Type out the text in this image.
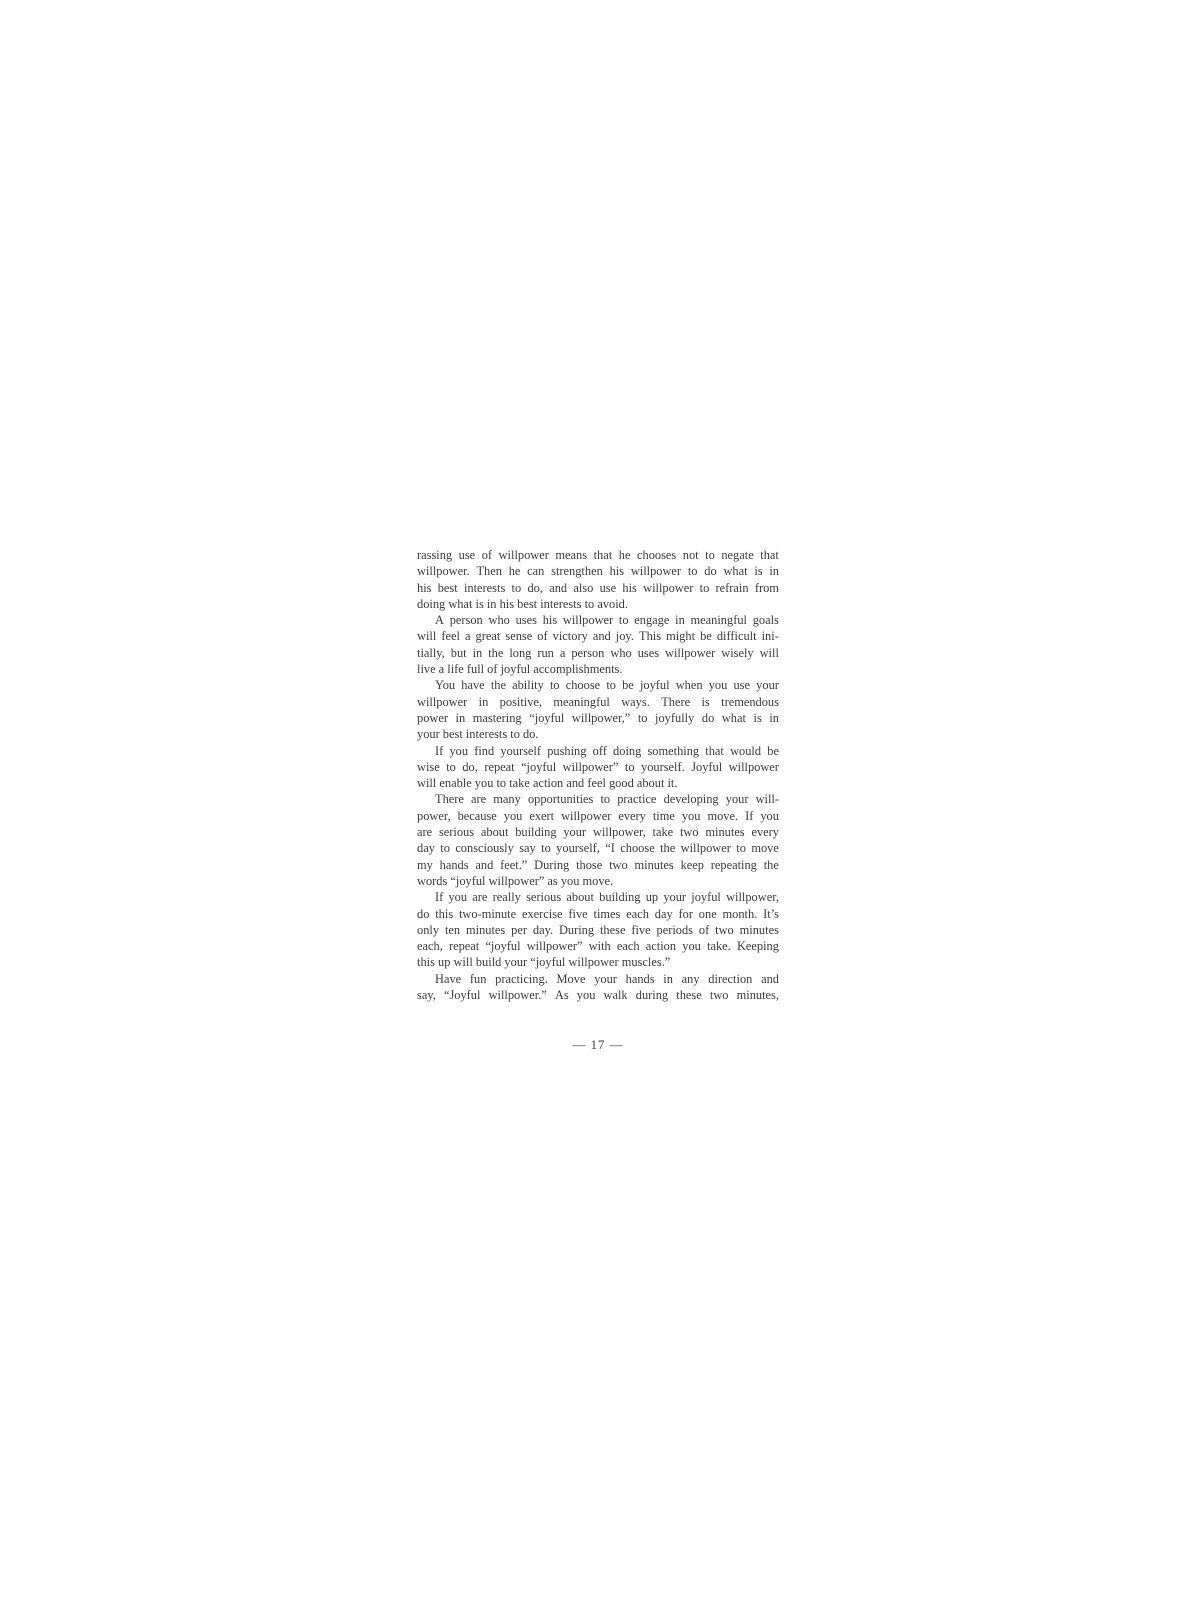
rassing use of willpower means that he chooses not to negate that
willpower. Then he can strengthen his willpower to do what is in
his best interests to do, and also use his willpower to refrain from
doing what is in his best interests to avoid.

A person who uses his willpower to engage in meaningful goals
will feel a great sense of victory and joy. This might be difficult ini-
tially, but in the long run a person who uses willpower wisely will
live a life full of joyful accomplishments.

You have the ability to choose to be joyful when you use your
willpower in positive, meaningful ways. There is tremendous
power in mastering “joyful willpower,” to joyfully do what is in
your best interests to do.

If you find yourself pushing off doing something that would be
wise to do, repeat “joyful willpower” to yourself. Joyful willpower
will enable you to take action and feel good about it.

There are many opportunities to practice developing your will-
power, because you exert willpower every time you move. If you
are serious about building your willpower, take two minutes every
day to consciously say to yourself, “I choose the willpower to move
my hands and feet.” During those two minutes keep repeating the
words “joyful willpower” as you move.

If you are really serious about building up your joyful willpower,
do this two-minute exercise five times each day for one month. It’s
only ten minutes per day. During these five periods of two minutes
each, repeat “joyful willpower” with each action you take. Keeping
this up will build your “joyful willpower muscles.”

Have fun practicing. Move your hands in any direction and
say, “Joyful willpower.” As you walk during these two minutes,

— 17 —
